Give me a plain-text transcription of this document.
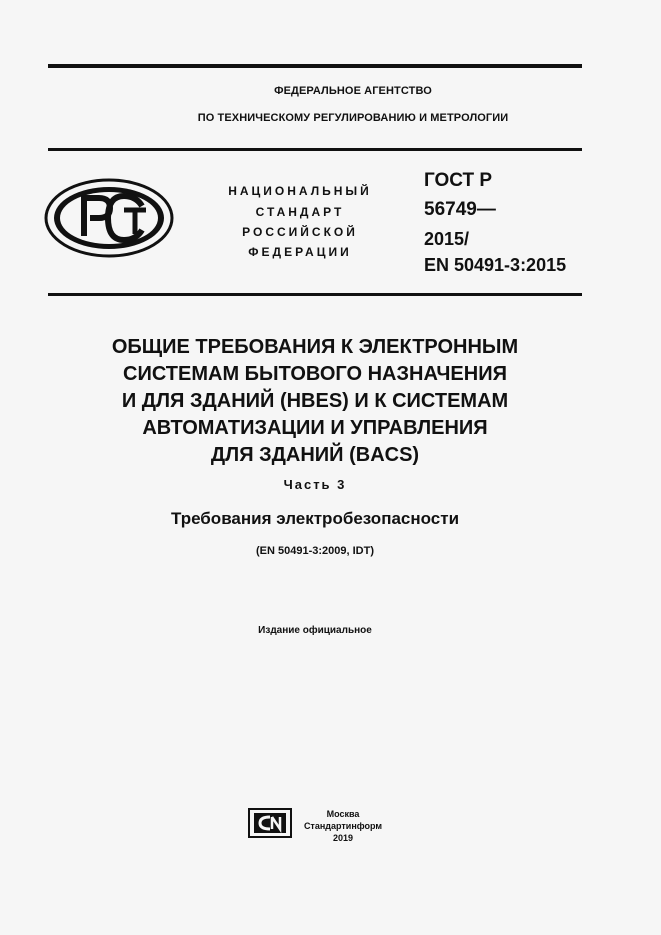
ФЕДЕРАЛЬНОЕ АГЕНТСТВО
ПО ТЕХНИЧЕСКОМУ РЕГУЛИРОВАНИЮ И МЕТРОЛОГИИ
НАЦИОНАЛЬНЫЙ
СТАНДАРТ
РОССИЙСКОЙ
ФЕДЕРАЦИИ
ГОСТ Р
56749—
2015/
EN 50491-3:2015
ОБЩИЕ ТРЕБОВАНИЯ К ЭЛЕКТРОННЫМ
СИСТЕМАМ БЫТОВОГО НАЗНАЧЕНИЯ
И ДЛЯ ЗДАНИЙ (HBES) И К СИСТЕМАМ
АВТОМАТИЗАЦИИ И УПРАВЛЕНИЯ
ДЛЯ ЗДАНИЙ (BACS)
Часть 3
Требования электробезопасности
(EN 50491-3:2009, IDT)
Издание официальное
Москва
Стандартинформ
2019
